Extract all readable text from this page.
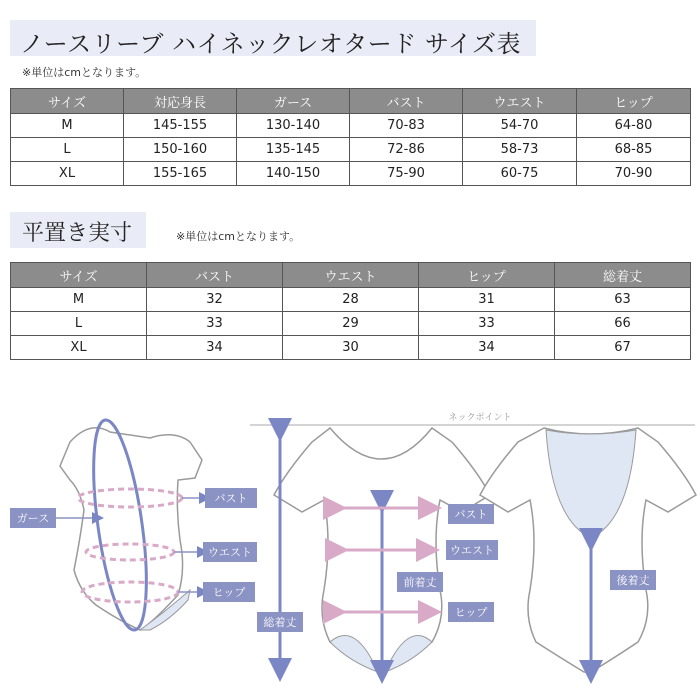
ノースリーブ ハイネックレオタード サイズ表
※単位はcmとなります。
サイズ	対応身長	ガース	バスト	ウエスト	ヒップ
M	145-155	130-140	70-83	54-70	64-80
L	150-160	135-145	72-86	58-73	68-85
XL	155-165	140-150	75-90	60-75	70-90
平置き実寸	※単位はcmとなります。
サイズ	バスト	ウエスト	ヒップ	総着丈
M	32	28	31	63
L	33	29	33	66
XL	34	30	34	67
ガース
バスト
ウエスト
ヒップ
ネックポイント
総着丈
前着丈	後着丈
バスト
ウエスト
ヒップ
